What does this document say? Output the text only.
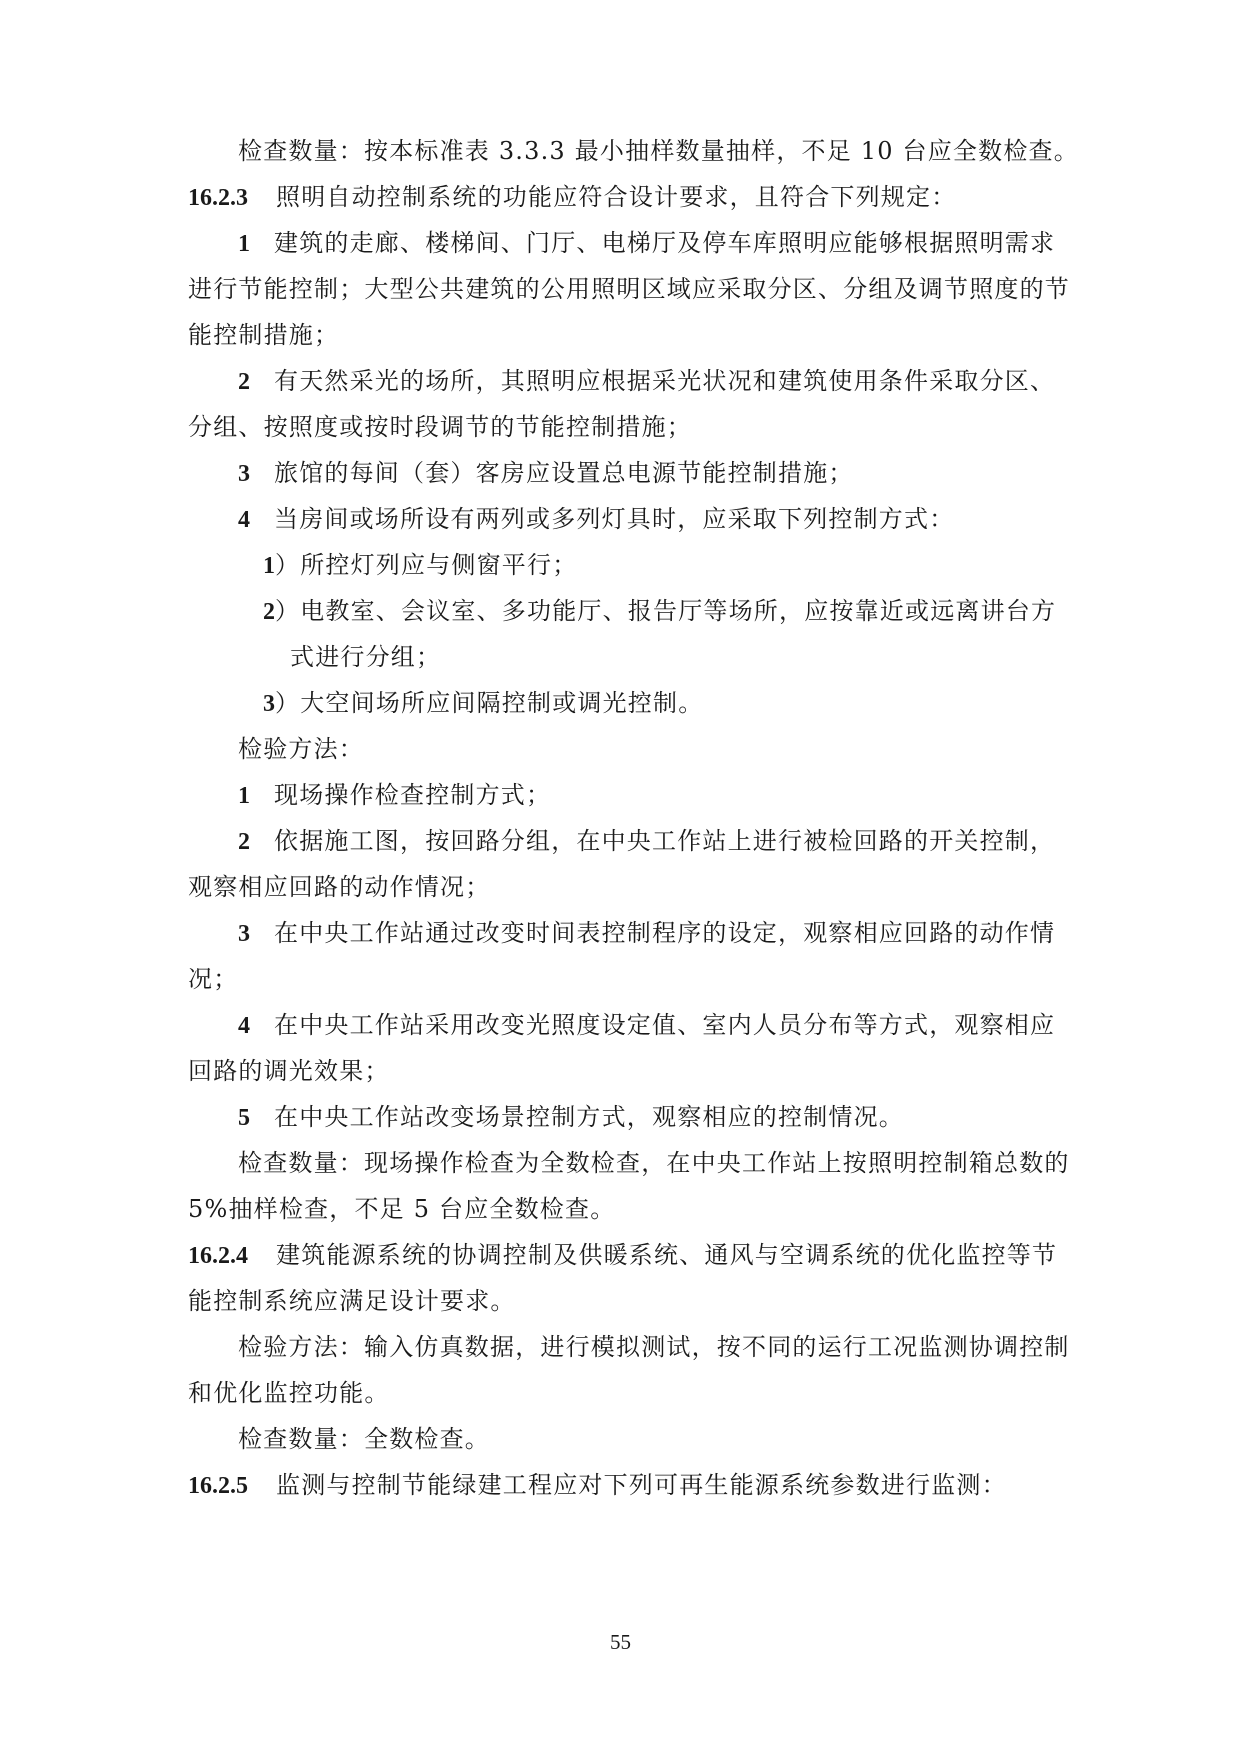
检查数量：按本标准表 3.3.3 最小抽样数量抽样，不足 10 台应全数检查。
16.2.3 照明自动控制系统的功能应符合设计要求，且符合下列规定：
1 建筑的走廊、楼梯间、门厅、电梯厅及停车库照明应能够根据照明需求
进行节能控制；大型公共建筑的公用照明区域应采取分区、分组及调节照度的节
能控制措施；
2 有天然采光的场所，其照明应根据采光状况和建筑使用条件采取分区、
分组、按照度或按时段调节的节能控制措施；
3 旅馆的每间（套）客房应设置总电源节能控制措施；
4 当房间或场所设有两列或多列灯具时，应采取下列控制方式：
1）所控灯列应与侧窗平行；
2）电教室、会议室、多功能厅、报告厅等场所，应按靠近或远离讲台方
式进行分组；
3）大空间场所应间隔控制或调光控制。
检验方法：
1 现场操作检查控制方式；
2 依据施工图，按回路分组，在中央工作站上进行被检回路的开关控制，
观察相应回路的动作情况；
3 在中央工作站通过改变时间表控制程序的设定，观察相应回路的动作情
况；
4 在中央工作站采用改变光照度设定值、室内人员分布等方式，观察相应
回路的调光效果；
5 在中央工作站改变场景控制方式，观察相应的控制情况。
检查数量：现场操作检查为全数检查，在中央工作站上按照明控制箱总数的
5%抽样检查，不足 5 台应全数检查。
16.2.4 建筑能源系统的协调控制及供暖系统、通风与空调系统的优化监控等节
能控制系统应满足设计要求。
检验方法：输入仿真数据，进行模拟测试，按不同的运行工况监测协调控制
和优化监控功能。
检查数量：全数检查。
16.2.5 监测与控制节能绿建工程应对下列可再生能源系统参数进行监测：
55
